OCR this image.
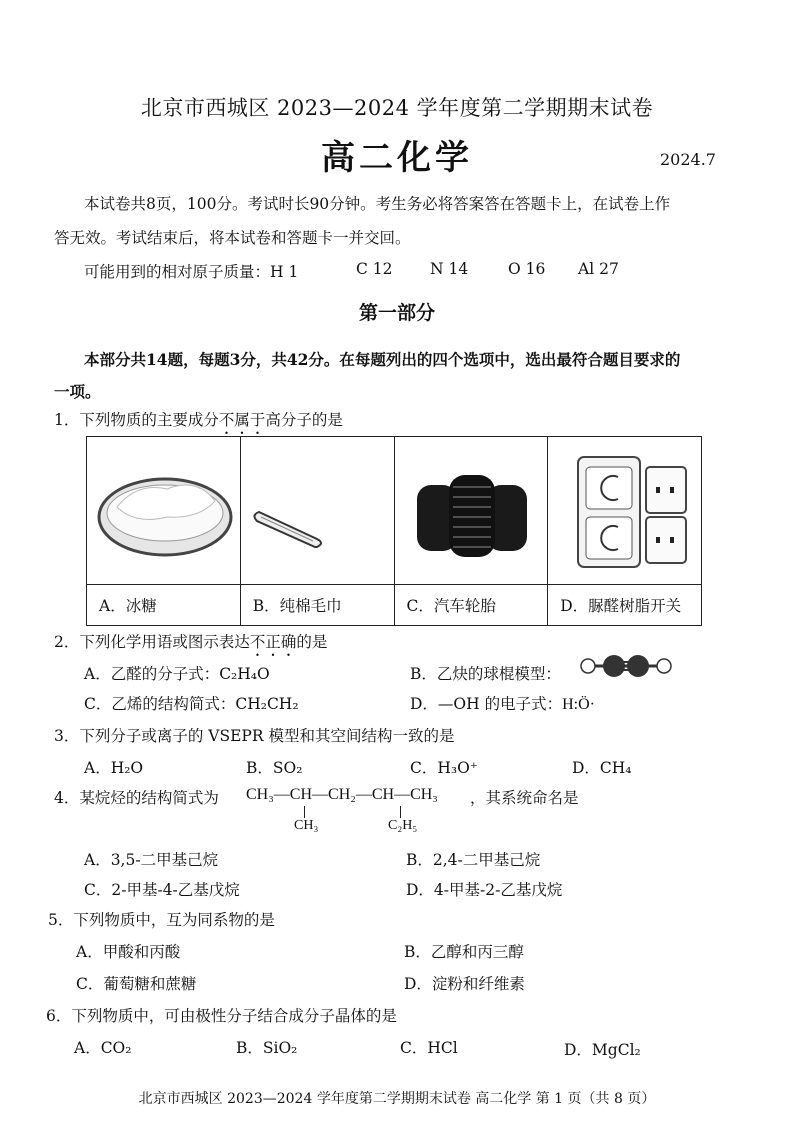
北京市西城区 2023—2024 学年度第二学期期末试卷
高二化学	2024.7
本试卷共8页，100分。考试时长90分钟。考生务必将答案答在答题卡上，在试卷上作
答无效。考试结束后，将本试卷和答题卡一并交回。
可能用到的相对原子质量：H 1	C 12 N 14	O 16 Al 27
第一部分
本部分共14题，每题3分，共42分。在每题列出的四个选项中，选出最符合题目要求的
一项。
1．下列物质的主要成分不属于高分子的是

A．冰糖	B．纯棉毛巾	C．汽车轮胎	D．脲醛树脂开关
2．下列化学用语或图示表达不正确的是
A．乙醛的分子式：C₂H₄O	B．乙炔的球棍模型：
C．乙烯的结构简式：CH₂CH₂	D．—OH 的电子式：H:Ö·
3．下列分子或离子的 VSEPR 模型和其空间结构一致的是
A．H₂O	B．SO₂	C．H₃O⁺	D．CH₄
4．某烷烃的结构简式为 CH₃—CH—CH₂—CH—CH₃ ，其系统命名是
CH₃	C₂H₅
A．3,5-二甲基己烷	B．2,4-二甲基己烷
C．2-甲基-4-乙基戊烷	D．4-甲基-2-乙基戊烷
5．下列物质中，互为同系物的是
A．甲酸和丙酸	B．乙醇和丙三醇
C．葡萄糖和蔗糖	D．淀粉和纤维素
6．下列物质中，可由极性分子结合成分子晶体的是
A．CO₂	B．SiO₂	C．HCl	D．MgCl₂
北京市西城区 2023—2024 学年度第二学期期末试卷 高二化学 第 1 页（共 8 页）
